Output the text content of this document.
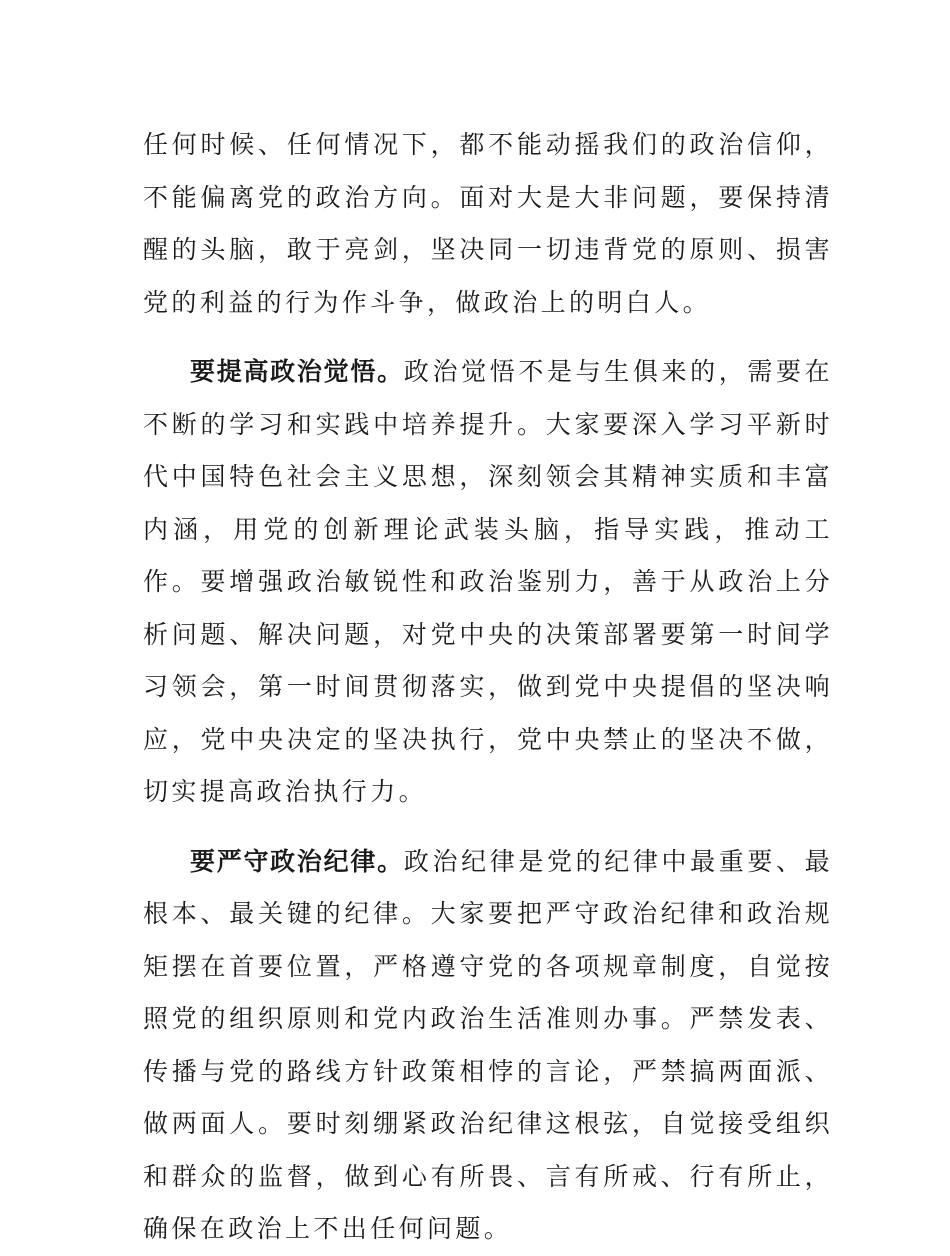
任何时候、任何情况下，都不能动摇我们的政治信仰，不能偏离党的政治方向。面对大是大非问题，要保持清醒的头脑，敢于亮剑，坚决同一切违背党的原则、损害党的利益的行为作斗争，做政治上的明白人。

要提高政治觉悟。政治觉悟不是与生俱来的，需要在不断的学习和实践中培养提升。大家要深入学习平新时代中国特色社会主义思想，深刻领会其精神实质和丰富内涵，用党的创新理论武装头脑，指导实践，推动工作。要增强政治敏锐性和政治鉴别力，善于从政治上分析问题、解决问题，对党中央的决策部署要第一时间学习领会，第一时间贯彻落实，做到党中央提倡的坚决响应，党中央决定的坚决执行，党中央禁止的坚决不做，切实提高政治执行力。

要严守政治纪律。政治纪律是党的纪律中最重要、最根本、最关键的纪律。大家要把严守政治纪律和政治规矩摆在首要位置，严格遵守党的各项规章制度，自觉按照党的组织原则和党内政治生活准则办事。严禁发表、传播与党的路线方针政策相悖的言论，严禁搞两面派、做两面人。要时刻绷紧政治纪律这根弦，自觉接受组织和群众的监督，做到心有所畏、言有所戒、行有所止，确保在政治上不出任何问题。
